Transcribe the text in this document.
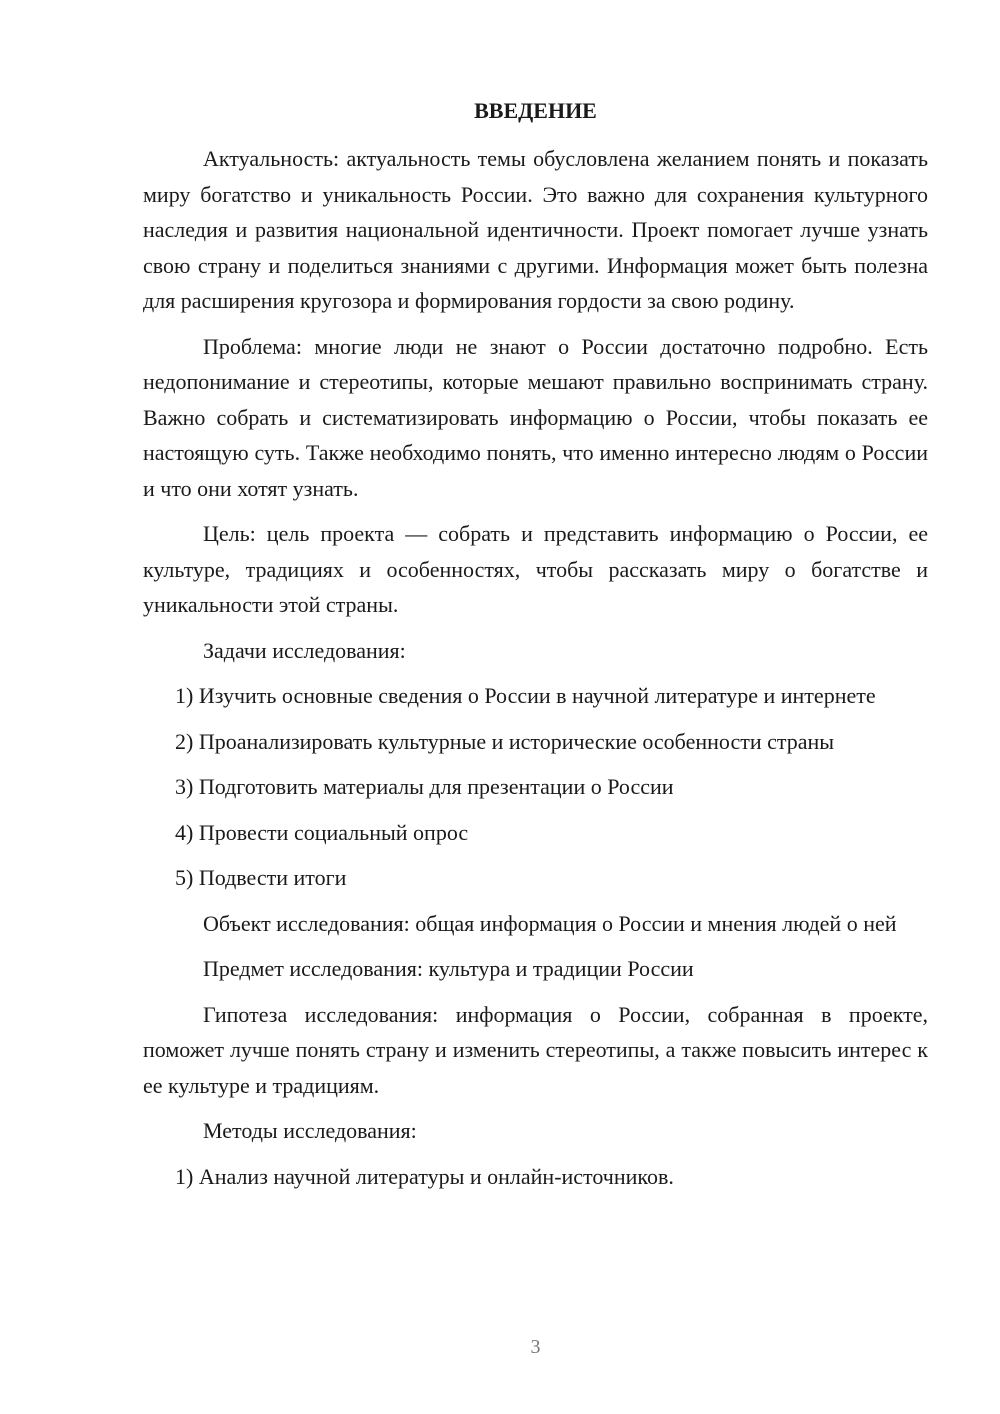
ВВЕДЕНИЕ

Актуальность: актуальность темы обусловлена желанием понять и показать миру богатство и уникальность России. Это важно для сохранения культурного наследия и развития национальной идентичности. Проект помогает лучше узнать свою страну и поделиться знаниями с другими. Информация может быть полезна для расширения кругозора и формирования гордости за свою родину.

Проблема: многие люди не знают о России достаточно подробно. Есть недопонимание и стереотипы, которые мешают правильно воспринимать страну. Важно собрать и систематизировать информацию о России, чтобы показать ее настоящую суть. Также необходимо понять, что именно интересно людям о России и что они хотят узнать.

Цель: цель проекта — собрать и представить информацию о России, ее культуре, традициях и особенностях, чтобы рассказать миру о богатстве и уникальности этой страны.

Задачи исследования:

1) Изучить основные сведения о России в научной литературе и интернете

2) Проанализировать культурные и исторические особенности страны

3) Подготовить материалы для презентации о России

4) Провести социальный опрос

5) Подвести итоги

Объект исследования: общая информация о России и мнения людей о ней

Предмет исследования: культура и традиции России

Гипотеза исследования: информация о России, собранная в проекте, поможет лучше понять страну и изменить стереотипы, а также повысить интерес к ее культуре и традициям.

Методы исследования:

1) Анализ научной литературы и онлайн-источников.

3
